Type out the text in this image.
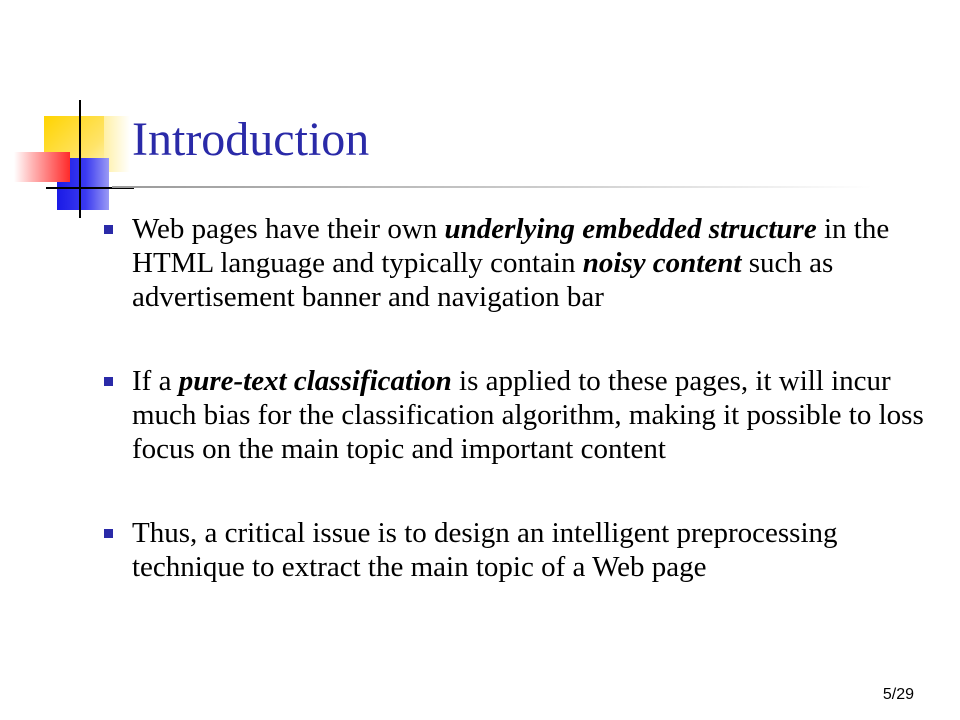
Introduction
Web pages have their own underlying embedded structure in the HTML language and typically contain noisy content such as advertisement banner and navigation bar
If a pure-text classification is applied to these pages, it will incur much bias for the classification algorithm, making it possible to loss focus on the main topic and important content
Thus, a critical issue is to design an intelligent preprocessing technique to extract the main topic of a Web page
5/29
